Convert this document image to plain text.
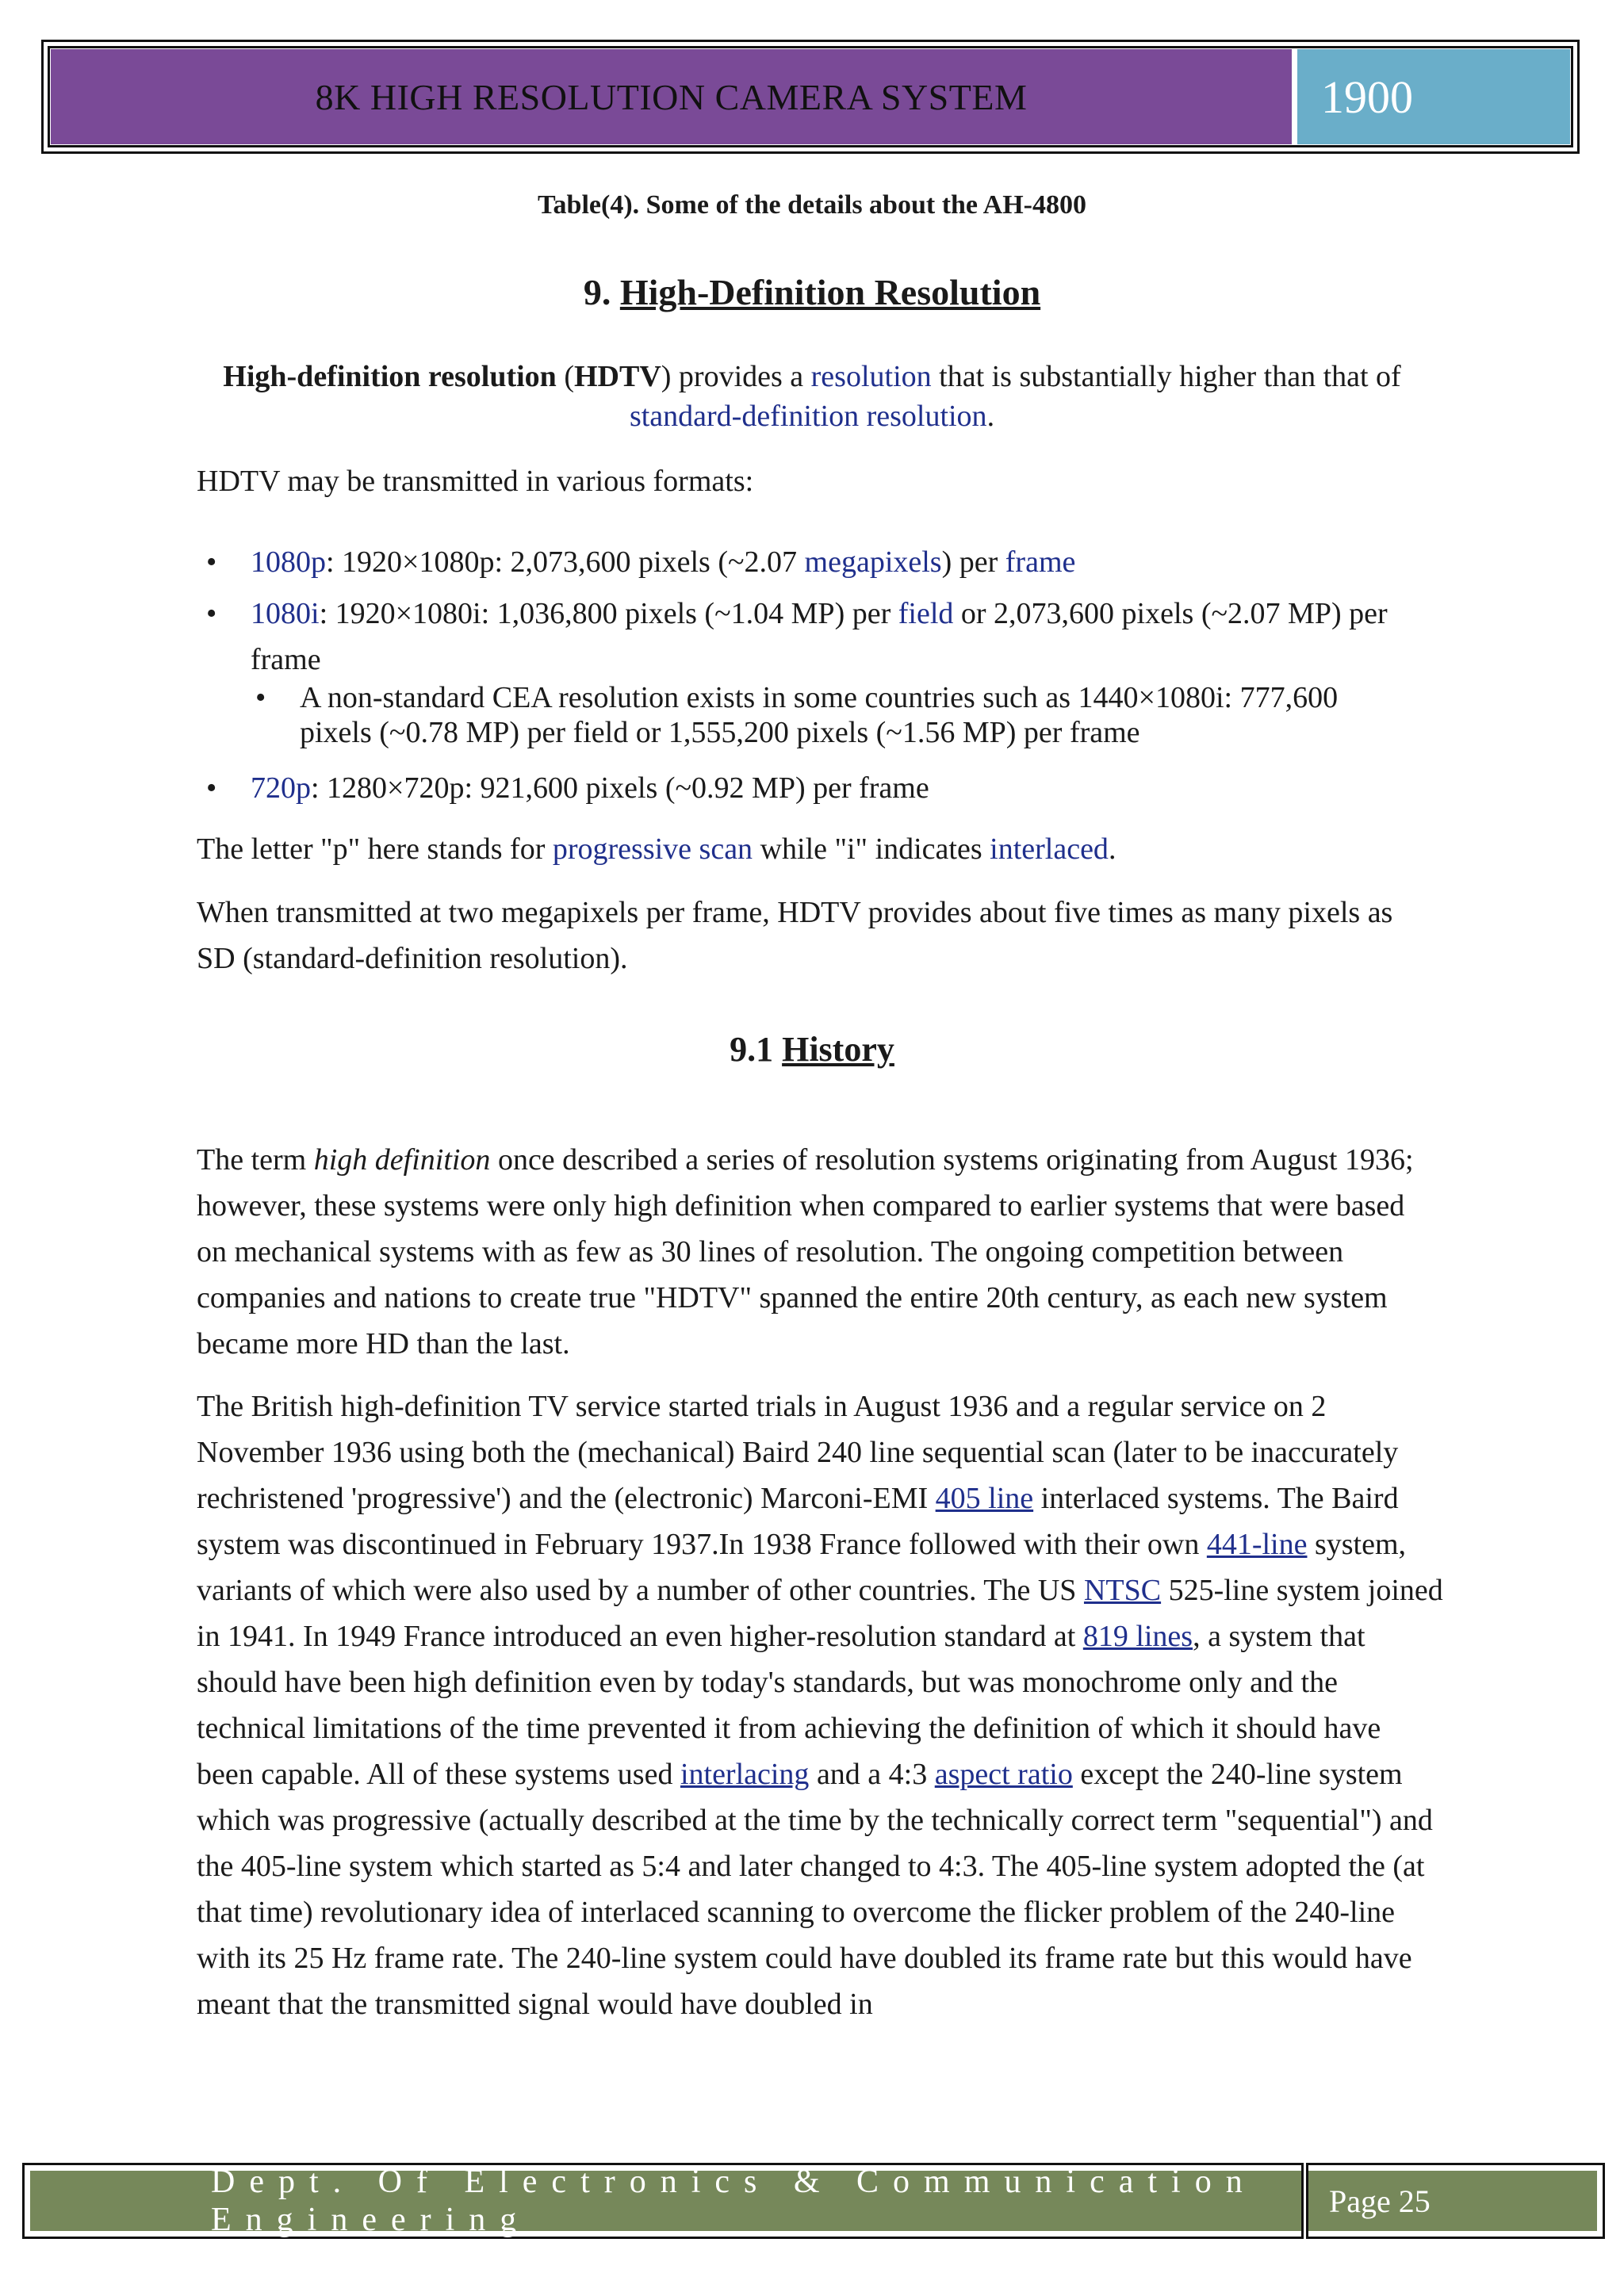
8K HIGH RESOLUTION CAMERA SYSTEM	1900
Table(4). Some of the details about the AH-4800
9. High-Definition Resolution
High-definition resolution (HDTV) provides a resolution that is substantially higher than that of standard-definition resolution.
HDTV may be transmitted in various formats:
• 1080p: 1920×1080p: 2,073,600 pixels (~2.07 megapixels) per frame
• 1080i: 1920×1080i: 1,036,800 pixels (~1.04 MP) per field or 2,073,600 pixels (~2.07 MP) per frame
• A non-standard CEA resolution exists in some countries such as 1440×1080i: 777,600 pixels (~0.78 MP) per field or 1,555,200 pixels (~1.56 MP) per frame
• 720p: 1280×720p: 921,600 pixels (~0.92 MP) per frame
The letter "p" here stands for progressive scan while "i" indicates interlaced.
When transmitted at two megapixels per frame, HDTV provides about five times as many pixels as SD (standard-definition resolution).
9.1 History
The term high definition once described a series of resolution systems originating from August 1936; however, these systems were only high definition when compared to earlier systems that were based on mechanical systems with as few as 30 lines of resolution. The ongoing competition between companies and nations to create true "HDTV" spanned the entire 20th century, as each new system became more HD than the last.
The British high-definition TV service started trials in August 1936 and a regular service on 2 November 1936 using both the (mechanical) Baird 240 line sequential scan (later to be inaccurately rechristened 'progressive') and the (electronic) Marconi-EMI 405 line interlaced systems. The Baird system was discontinued in February 1937.In 1938 France followed with their own 441-line system, variants of which were also used by a number of other countries. The US NTSC 525-line system joined in 1941. In 1949 France introduced an even higher-resolution standard at 819 lines, a system that should have been high definition even by today's standards, but was monochrome only and the technical limitations of the time prevented it from achieving the definition of which it should have been capable. All of these systems used interlacing and a 4:3 aspect ratio except the 240-line system which was progressive (actually described at the time by the technically correct term "sequential") and the 405-line system which started as 5:4 and later changed to 4:3. The 405-line system adopted the (at that time) revolutionary idea of interlaced scanning to overcome the flicker problem of the 240-line with its 25 Hz frame rate. The 240-line system could have doubled its frame rate but this would have meant that the transmitted signal would have doubled in
Dept. Of Electronics & Communication Engineering
Page 25
